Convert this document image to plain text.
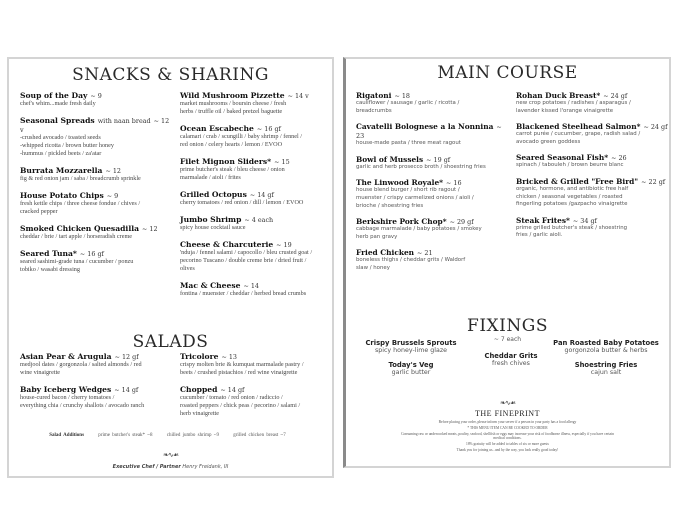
SNACKS & SHARING
Soup of the Day ~ 9
chef's whim...made fresh daily
Seasonal Spreads with naan bread ~ 12 v
-crushed avocado / toasted seeds
-whipped ricotta / brown butter honey
-hummus / pickled beets / za'atar
Burrata Mozzarella ~ 12
fig & red onion jam / saba / breadcrumb sprinkle
House Potato Chips ~ 9
fresh kettle chips / three cheese fondue / chives /
cracked pepper
Smoked Chicken Quesadilla ~ 12
cheddar / brie / tart apple / horseradish creme
Seared Tuna* ~ 16 gf
seared sashimi-grade tuna / cucumber / ponzu
tobiko / wasabi dressing
Wild Mushroom Pizzette ~ 14 v
market mushrooms / boursin cheese / fresh
herbs / truffle oil / baked pretzel baguette
Ocean Escabeche ~ 16 gf
calamari / crab / scungilli / baby shrimp / fennel /
red onion / celery hearts / lemon / EVOO
Filet Mignon Sliders* ~ 15
prime butcher's steak / bleu cheese / onion
marmalade / aioli / frites
Grilled Octopus ~ 14 gf
cherry tomatoes / red onion / dill / lemon / EVOO
Jumbo Shrimp ~ 4 each
spicy house cocktail sauce
Cheese & Charcuterie ~ 19
'nduja / fennel salami / capocollo / bleu crusted goat /
pecorino Tuscano / double creme brie / dried fruit /
olives
Mac & Cheese ~ 14
fontina / muenster / cheddar / herbed bread crumbs
SALADS
Asian Pear & Arugula ~ 12 gf
medjool dates / gorgonzola / salted almonds / red
wine vinaigrette
Baby Iceberg Wedges ~ 14 gf
house-cured bacon / cherry tomatoes /
everything chia / crunchy shallots / avocado ranch
Tricolore ~ 13
crispy molten brie & kumquat marmalade pastry /
beets / crushed pistachios / red wine vinaigrette
Chopped ~ 14 gf
cucumber / tomato / red onion / radiccio /
roasted peppers / chick peas / pecorino / salami /
herb vinaigrette
Salad Additions	prime butcher's steak* ~8	chilled jumbo shrimp ~9	grilled chicken breast ~7
❧∿☙
Executive Chef / Partner Henry Freidank, III
MAIN COURSE
Rigatoni ~ 18
cauliflower / sausage / garlic / ricotta /
breadcrumbs
Cavatelli Bolognese a la Nonnina ~ 23
house-made pasta / three meat ragout
Bowl of Mussels ~ 19 gf
garlic and herb prosecco broth / shoestring fries
The Linwood Royale* ~ 16
house blend burger / short rib ragout /
muenster / crispy carmelized onions / aioli /
brioche / shoestring fries
Berkshire Pork Chop* ~ 29 gf
cabbage marmalade / baby potatoes / smokey
herb pan gravy
Fried Chicken ~ 21
boneless thighs / cheddar grits / Waldorf
slaw / honey
Rohan Duck Breast* ~ 24 gf
new crop potatoes / radishes / asparagus /
lavender kissed l'orange vinaigrette
Blackened Steelhead Salmon* ~ 24 gf
carrot purée / cucumber, grape, radish salad /
avocado green goddess
Seared Seasonal Fish* ~ 26
spinach / tabouleh / brown beurre blanc
Bricked & Grilled "Free Bird" ~ 22 gf
organic, hormone, and antibiotic free half
chicken / seasonal vegetables / roasted
fingerling potatoes /gazpacho vinaigrette
Steak Frites* ~ 34 gf
prime grilled butcher's steak / shoestring
fries / garlic aioli.
FIXINGS
~ 7 each
Crispy Brussels Sprouts
spicy honey-lime glaze
Today's Veg
garlic butter
Cheddar Grits
fresh chives
Pan Roasted Baby Potatoes
gorgonzola butter & herbs
Shoestring Fries
cajun salt
❧∿☙
THE FINEPRINT

Before placing your order, please inform your server if a person in your party has a food allergy

* THIS MENU ITEM CAN BE COOKED TO ORDER

Consuming raw or undercooked meats, poultry, seafood, shellfish or eggs may increase your risk of foodborne illness, especially if you have certain medical conditions.

18% gratuity will be added to tables of six or more guests

Thank you for joining us...and by the way, you look really good today!
